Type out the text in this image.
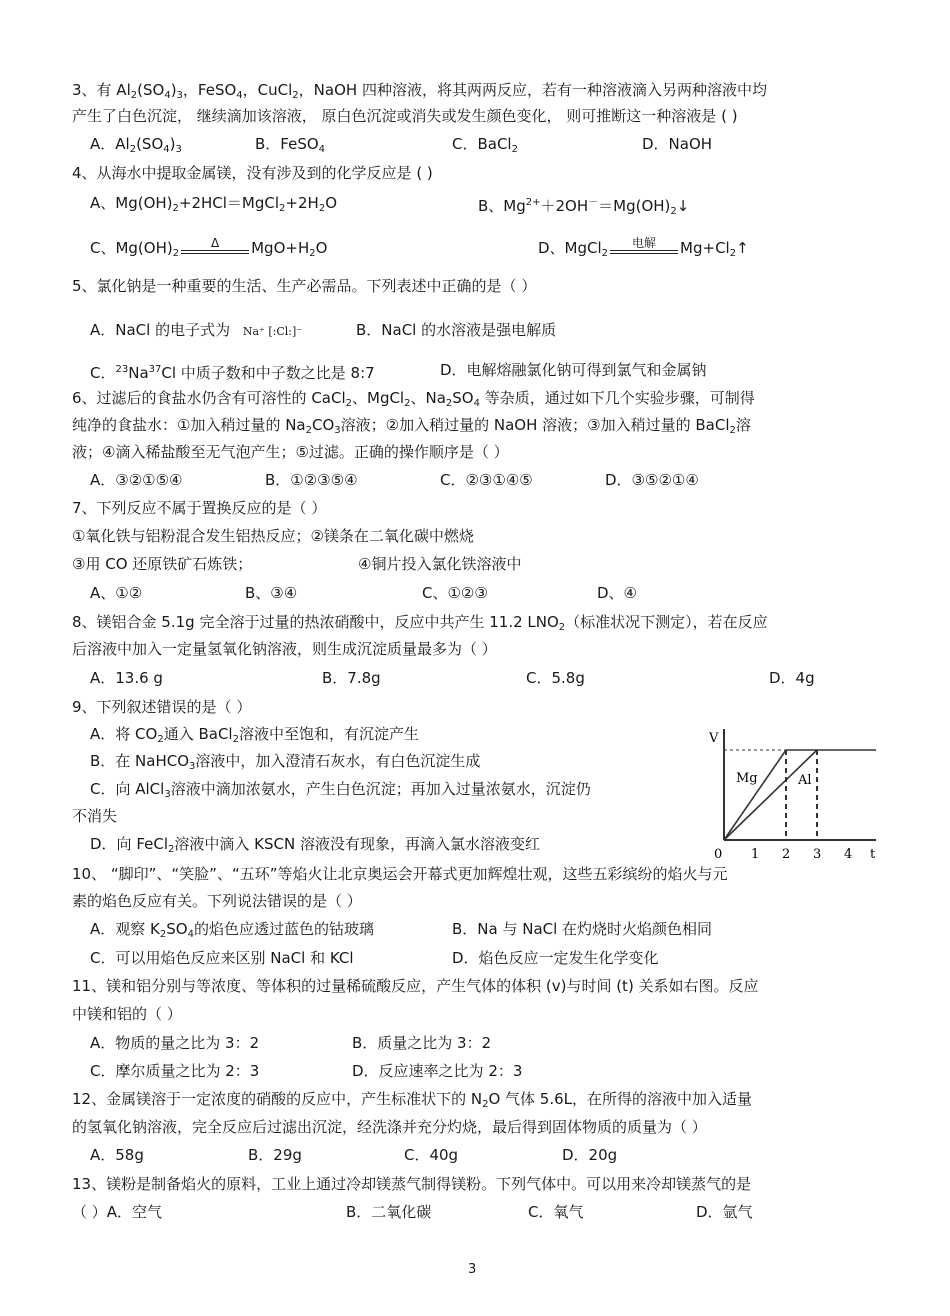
3、有 $Al_2(SO_4)_3$，FeSO$_4$，CuCl$_2$，NaOH 四种溶液，将其两两反应，若有一种溶液滴入另两种溶液中均
产生了白色沉淀， 继续滴加该溶液， 原白色沉淀或消失或发生颜色变化， 则可推断这一种溶液是 ( )
A．$Al_2(SO_4)_3$	B．FeSO$_4$	C．BaCl$_2$	D．NaOH
4、从海水中提取金属镁，没有涉及到的化学反应是 ( )
A、$Mg(OH)_2+2HCl=MgCl_2+2H_2O$	B、$Mg^{2+}+2OH^-=Mg(OH)_2↓$
C、$Mg(OH)_2$
Δ	$MgO+H_2O$	D、MgCl$_2$
电解	$Mg+Cl_2↑$
5、氯化钠是一种重要的生活、生产必需品。下列表述中正确的是（ ）
A．NaCl 的电子式为 Na⁺ [:Cl:]⁻	B．NaCl 的水溶液是强电解质
C．$^{23}$Na$^{37}$Cl 中质子数和中子数之比是 8:7	D．电解熔融氯化钠可得到氯气和金属钠
6、过滤后的食盐水仍含有可溶性的 CaCl$_2$、MgCl$_2$、$Na_2SO_4$ 等杂质，通过如下几个实验步骤，可制得
纯净的食盐水：①加入稍过量的 $Na_2CO_3$溶液；②加入稍过量的 NaOH 溶液；③加入稍过量的 BaCl$_2$溶
液；④滴入稀盐酸至无气泡产生；⑤过滤。正确的操作顺序是（ ）
A．③②①⑤④	B．①②③⑤④	C．②③①④⑤	D．③⑤②①④
7、下列反应不属于置换反应的是（ ）
①氧化铁与铝粉混合发生铝热反应；②镁条在二氧化碳中燃烧
③用 CO 还原铁矿石炼铁；	④铜片投入氯化铁溶液中
A、①②	B、③④	C、①②③	D、④
8、镁铝合金 5.1g 完全溶于过量的热浓硝酸中，反应中共产生 11.2 $LNO_2$（标准状况下测定），若在反应
后溶液中加入一定量氢氧化钠溶液，则生成沉淀质量最多为（ ）
A．13.6 g	B．7.8g	C．5.8g	D．4g
9、下列叙述错误的是（ ）
A．将 $CO_2$通入 BaCl$_2$溶液中至饱和，有沉淀产生
B．在 NaHCO$_3$溶液中，加入澄清石灰水，有白色沉淀生成
C．向 AlCl$_3$溶液中滴加浓氨水，产生白色沉淀；再加入过量浓氨水，沉淀仍
不消失
D．向 FeCl$_2$溶液中滴入 KSCN 溶液没有现象，再滴入氯水溶液变红
0 1 2 3 4
V
t
Mg	Al
10、 “脚印”、“笑脸”、“五环”等焰火让北京奥运会开幕式更加辉煌壮观，这些五彩缤纷的焰火与元
素的焰色反应有关。下列说法错误的是（ ）
A．观察 $K_2SO_4$的焰色应透过蓝色的钴玻璃	B．Na 与 NaCl 在灼烧时火焰颜色相同
C．可以用焰色反应来区别 NaCl 和 KCl	D．焰色反应一定发生化学变化
11、镁和铝分别与等浓度、等体积的过量稀硫酸反应，产生气体的体积 (v)与时间 (t) 关系如右图。反应
中镁和铝的（ ）
A．物质的量之比为 3：2	B．质量之比为 3：2
C．摩尔质量之比为 2：3	D．反应速率之比为 2：3
12、金属镁溶于一定浓度的硝酸的反应中，产生标准状下的 $N_2O$ 气体 5.6L，在所得的溶液中加入适量
的氢氧化钠溶液，完全反应后过滤出沉淀，经洗涤并充分灼烧，最后得到固体物质的质量为（ ）
A．58g	B．29g	C．40g	D．20g
13、镁粉是制备焰火的原料，工业上通过冷却镁蒸气制得镁粉。下列气体中。可以用来冷却镁蒸气的是
（ ）A．空气	B．二氧化碳	C．氧气	D．氩气
3
